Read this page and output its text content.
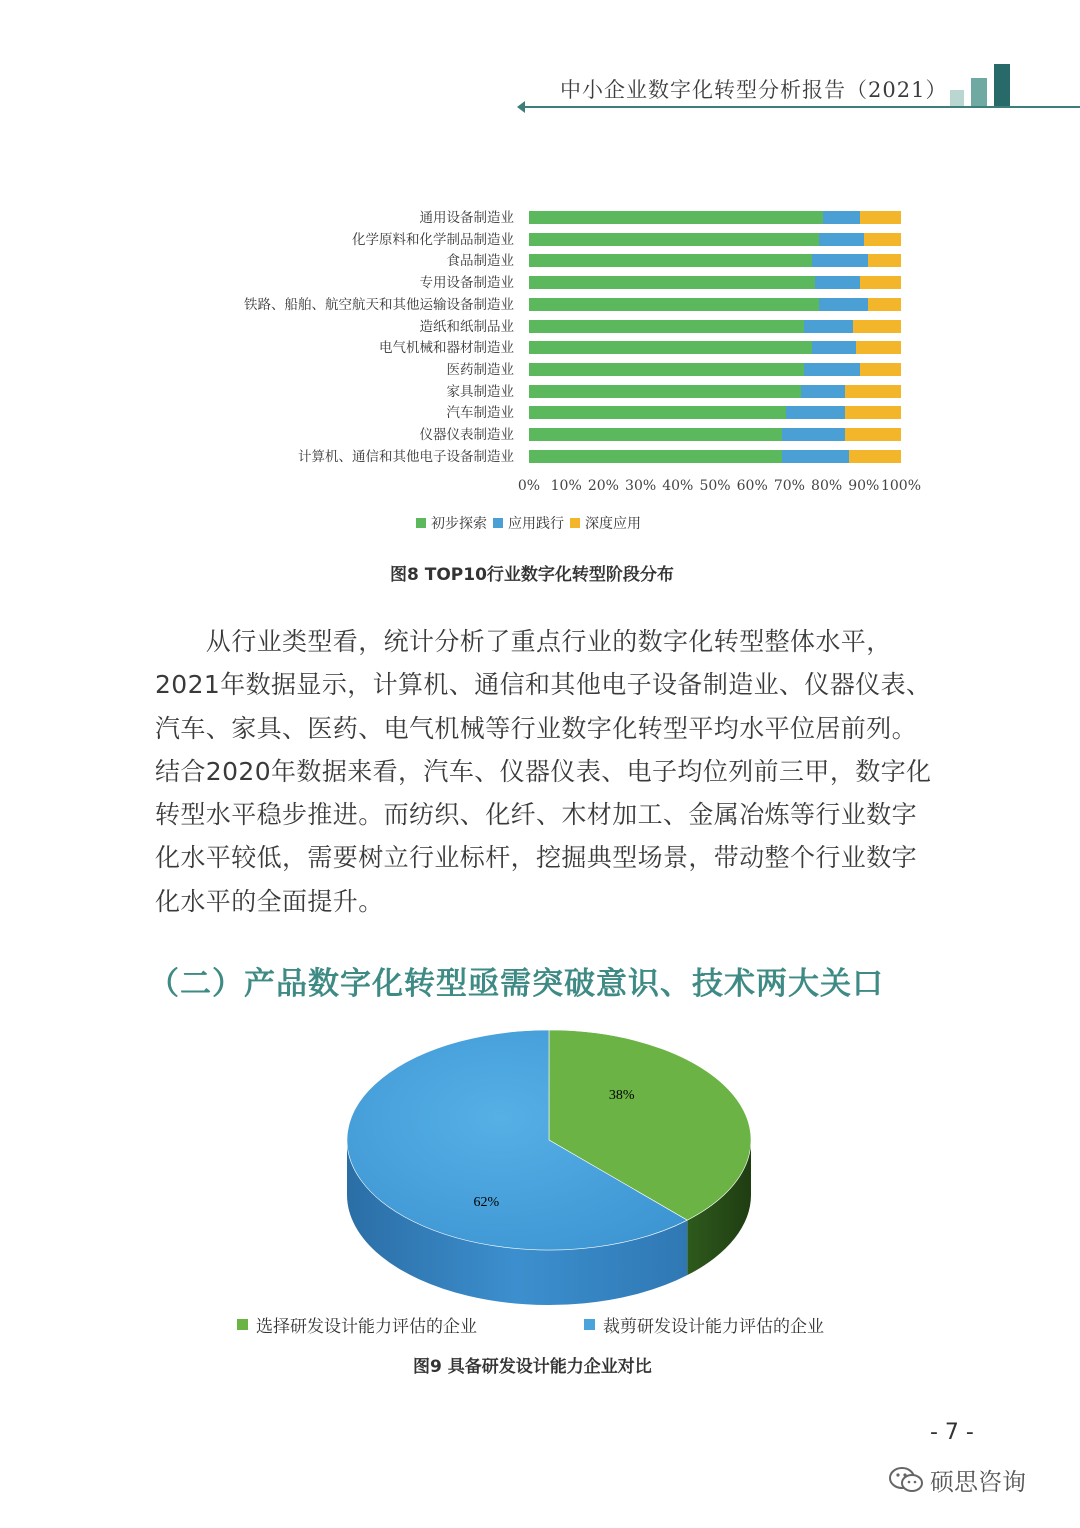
中小企业数字化转型分析报告（2021）
通用设备制造业
化学原料和化学制品制造业
食品制造业
专用设备制造业
铁路、船舶、航空航天和其他运输设备制造业
造纸和纸制品业
电气机械和器材制造业
医药制造业
家具制造业
汽车制造业
仪器仪表制造业
计算机、通信和其他电子设备制造业
0% 10% 20% 30% 40% 50% 60% 70% 80% 90% 100%
初步探索 应用践行 深度应用
图8 TOP10行业数字化转型阶段分布

　　从行业类型看，统计分析了重点行业的数字化转型整体水平，

2021年数据显示，计算机、通信和其他电子设备制造业、仪器仪表、

汽车、家具、医药、电气机械等行业数字化转型平均水平位居前列。

结合2020年数据来看，汽车、仪器仪表、电子均位列前三甲，数字化

转型水平稳步推进。而纺织、化纤、木材加工、金属冶炼等行业数字

化水平较低，需要树立行业标杆，挖掘典型场景，带动整个行业数字

化水平的全面提升。

（二）产品数字化转型亟需突破意识、技术两大关口
38%
62%
选择研发设计能力评估的企业	裁剪研发设计能力评估的企业
图9 具备研发设计能力企业对比
- 7 -
硕思咨询
